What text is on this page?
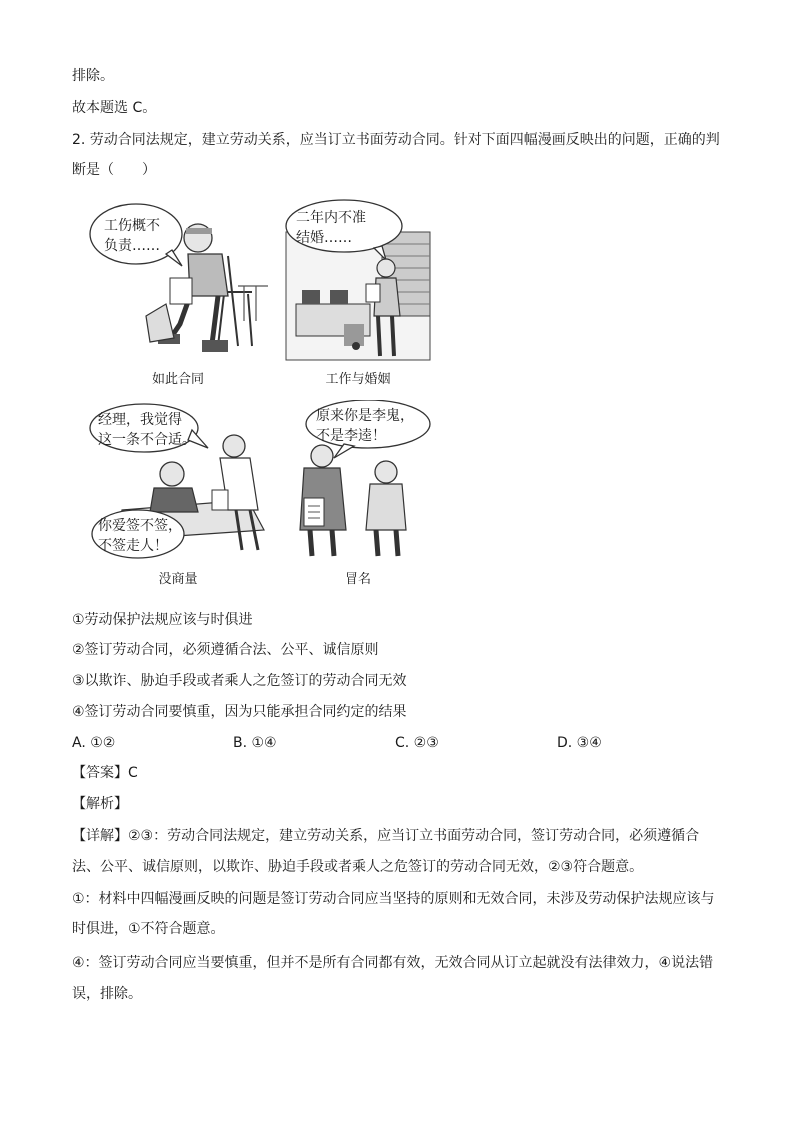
排除。
故本题选 C。
2. 劳动合同法规定，建立劳动关系，应当订立书面劳动合同。针对下面四幅漫画反映出的问题，正确的判
断是（　　）
工伤概不
负责……
如此合同
二年内不准
结婚……
工作与婚姻
经理，我觉得
这一条不合适。
你爱签不签，
不签走人！
没商量
原来你是李鬼，
不是李逵！
冒名
①劳动保护法规应该与时俱进
②签订劳动合同，必须遵循合法、公平、诚信原则
③以欺诈、胁迫手段或者乘人之危签订的劳动合同无效
④签订劳动合同要慎重，因为只能承担合同约定的结果
A. ①②	B. ①④	C. ②③	D. ③④
【答案】C
【解析】
【详解】②③：劳动合同法规定，建立劳动关系，应当订立书面劳动合同，签订劳动合同，必须遵循合
法、公平、诚信原则，以欺诈、胁迫手段或者乘人之危签订的劳动合同无效，②③符合题意。
①：材料中四幅漫画反映的问题是签订劳动合同应当坚持的原则和无效合同，未涉及劳动保护法规应该与
时俱进，①不符合题意。
④：签订劳动合同应当要慎重，但并不是所有合同都有效，无效合同从订立起就没有法律效力，④说法错
误，排除。
